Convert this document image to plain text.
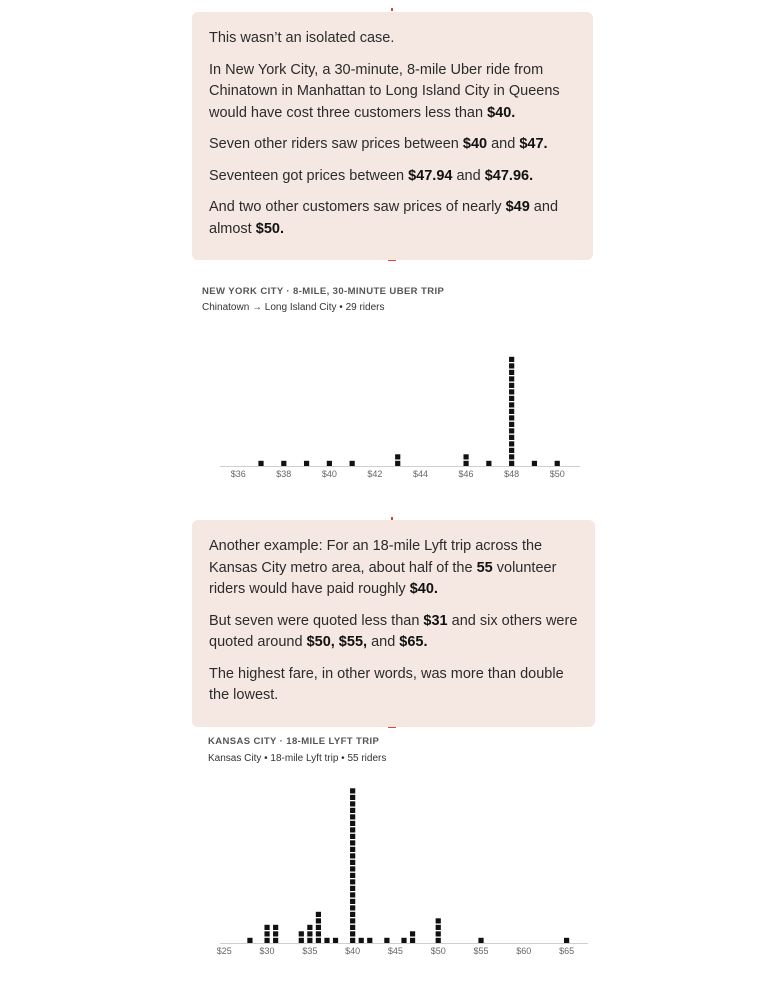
This wasn’t an isolated case.

In New York City, a 30-minute, 8-mile Uber ride from Chinatown in Manhattan to Long Island City in Queens would have cost three customers less than $40.

Seven other riders saw prices between $40 and $47.

Seventeen got prices between $47.94 and $47.96.

And two other customers saw prices of nearly $49 and almost $50.

NEW YORK CITY · 8-MILE, 30-MINUTE UBER TRIP
Chinatown → Long Island City • 29 riders
$36	$38	$40	$42	$44	$46	$48	$50

Another example: For an 18-mile Lyft trip across the Kansas City metro area, about half of the 55 volunteer riders would have paid roughly $40.

But seven were quoted less than $31 and six others were quoted around $50, $55, and $65.

The highest fare, in other words, was more than double the lowest.

KANSAS CITY · 18-MILE LYFT TRIP
Kansas City • 18-mile Lyft trip • 55 riders
$25	$30	$35	$40	$45	$50	$55	$60	$65
